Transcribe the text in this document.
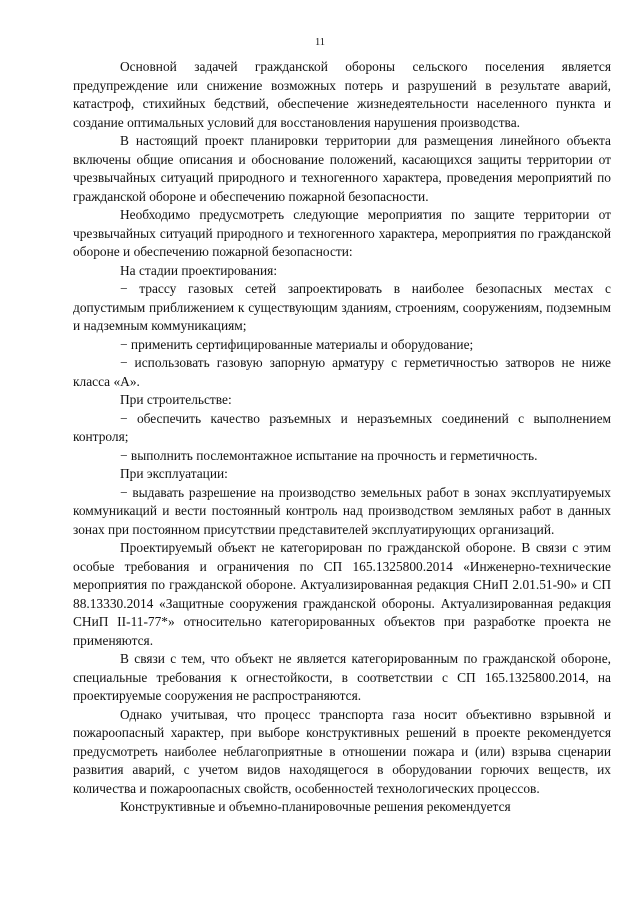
11

Основной задачей гражданской обороны сельского поселения является предупреждение или снижение возможных потерь и разрушений в результате аварий, катастроф, стихийных бедствий, обеспечение жизнедеятельности населенного пункта и создание оптимальных условий для восстановления нарушения производства.

В настоящий проект планировки территории для размещения линейного объекта включены общие описания и обоснование положений, касающихся защиты территории от чрезвычайных ситуаций природного и техногенного характера, проведения мероприятий по гражданской обороне и обеспечению пожарной безопасности.

Необходимо предусмотреть следующие мероприятия по защите территории от чрезвычайных ситуаций природного и техногенного характера, мероприятия по гражданской обороне и обеспечению пожарной безопасности:

На стадии проектирования:

− трассу газовых сетей запроектировать в наиболее безопасных местах с допустимым приближением к существующим зданиям, строениям, сооружениям, подземным и надземным коммуникациям;

− применить сертифицированные материалы и оборудование;

− использовать газовую запорную арматуру с герметичностью затворов не ниже класса «А».

При строительстве:

− обеспечить качество разъемных и неразъемных соединений с выполнением контроля;

− выполнить послемонтажное испытание на прочность и герметичность.

При эксплуатации:

− выдавать разрешение на производство земельных работ в зонах эксплуатируемых коммуникаций и вести постоянный контроль над производством земляных работ в данных зонах при постоянном присутствии представителей эксплуатирующих организаций.

Проектируемый объект не категорирован по гражданской обороне. В связи с этим особые требования и ограничения по СП 165.1325800.2014 «Инженерно-технические мероприятия по гражданской обороне. Актуализированная редакция СНиП 2.01.51-90» и СП 88.13330.2014 «Защитные сооружения гражданской обороны. Актуализированная редакция СНиП II-11-77*» относительно категорированных объектов при разработке проекта не применяются.

В связи с тем, что объект не является категорированным по гражданской обороне, специальные требования к огнестойкости, в соответствии с СП 165.1325800.2014, на проектируемые сооружения не распространяются.

Однако учитывая, что процесс транспорта газа носит объективно взрывной и пожароопасный характер, при выборе конструктивных решений в проекте рекомендуется предусмотреть наиболее неблагоприятные в отношении пожара и (или) взрыва сценарии развития аварий, с учетом видов находящегося в оборудовании горючих веществ, их количества и пожароопасных свойств, особенностей технологических процессов.

Конструктивные и объемно-планировочные решения рекомендуется
